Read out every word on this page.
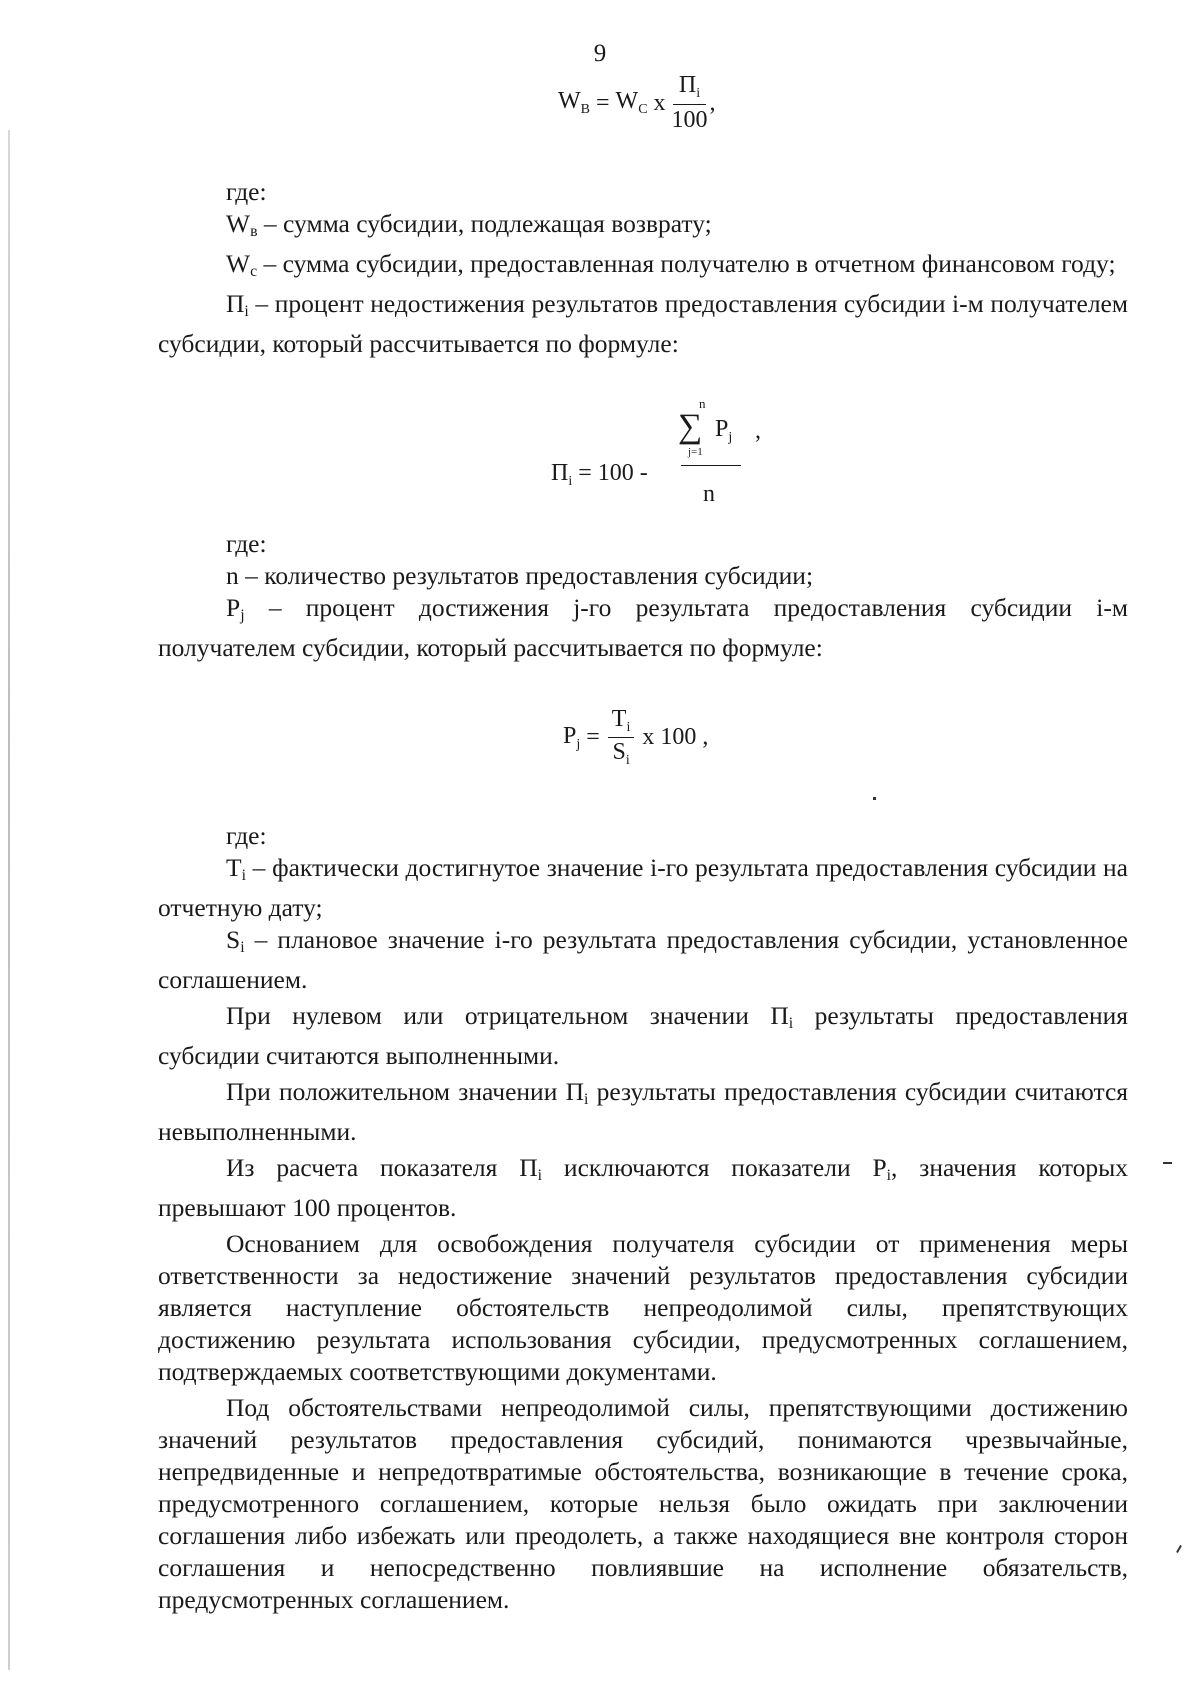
9
$W_В$
=
$W_С$
х $\frac{П_i}{100}$ ,

где:

$W_в$ – сумма субсидии, подлежащая возврату;

$W_c$ – сумма субсидии, предоставленная получателю в отчетном финансовом году;

$П_i$ – процент недостижения результатов предоставления субсидии i-м получателем субсидии, который рассчитывается по формуле:

$П_i = 100$ -
n
∑ $P_j$
j=1
n
,

где:

n – количество результатов предоставления субсидии;

$P_j$ – процент достижения j-го результата предоставления субсидии i-м получателем субсидии, который рассчитывается по формуле:

$P_j$
= $\frac{T_i}{S_i}$ х 100 ,

где:

$T_i$ – фактически достигнутое значение i-го результата предоставления субсидии на отчетную дату;

$S_i$ – плановое значение i-го результата предоставления субсидии, установленное соглашением.

При нулевом или отрицательном значении $П_i$ результаты предоставления субсидии считаются выполненными.

При положительном значении $П_i$ результаты предоставления субсидии считаются невыполненными.

Из расчета показателя $П_i$ исключаются показатели $P_i$, значения которых превышают 100 процентов.

Основанием для освобождения получателя субсидии от применения меры ответственности за недостижение значений результатов предоставления субсидии является наступление обстоятельств непреодолимой силы, препятствующих достижению результата использования субсидии, предусмотренных соглашением, подтверждаемых соответствующими документами.

Под обстоятельствами непреодолимой силы, препятствующими достижению значений результатов предоставления субсидий, понимаются чрезвычайные, непредвиденные и непредотвратимые обстоятельства, возникающие в течение срока, предусмотренного соглашением, которые нельзя было ожидать при заключении соглашения либо избежать или преодолеть, а также находящиеся вне контроля сторон соглашения и непосредственно повлиявшие на исполнение обязательств, предусмотренных соглашением.
